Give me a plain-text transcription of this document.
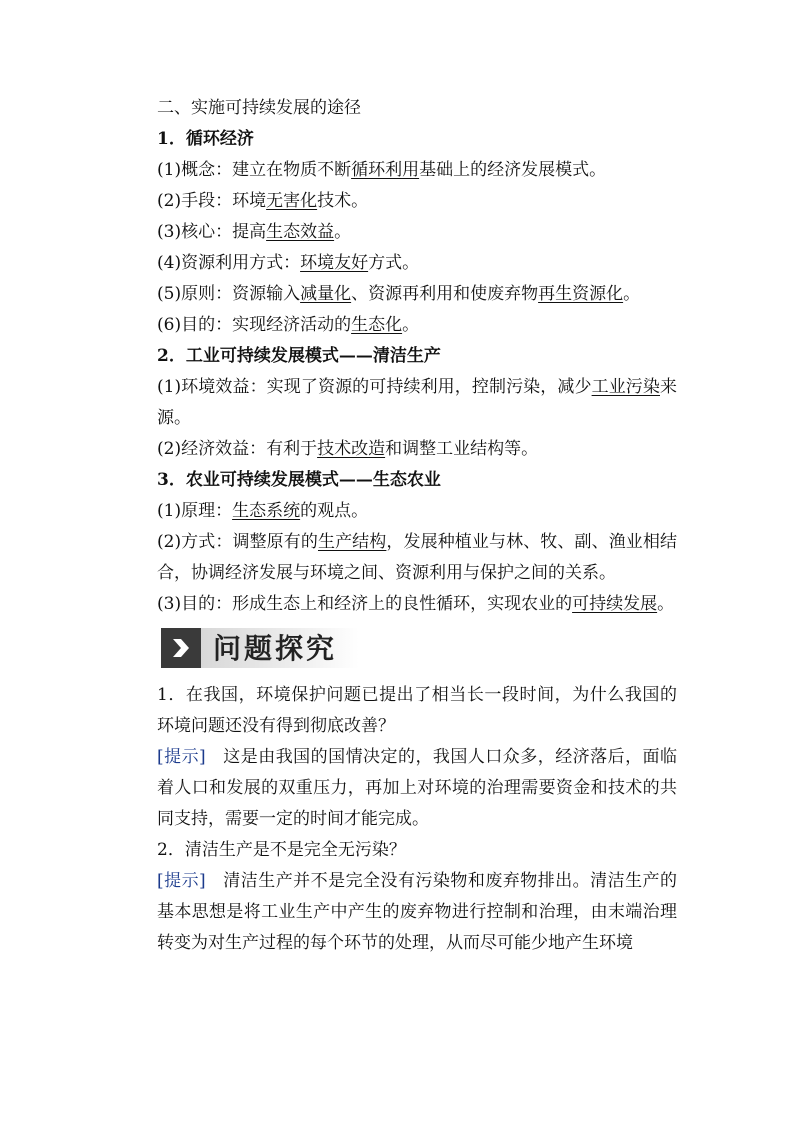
二、实施可持续发展的途径

1．循环经济

(1)概念：建立在物质不断循环利用基础上的经济发展模式。

(2)手段：环境无害化技术。

(3)核心：提高生态效益。

(4)资源利用方式：环境友好方式。

(5)原则：资源输入减量化、资源再利用和使废弃物再生资源化。

(6)目的：实现经济活动的生态化。

2．工业可持续发展模式——清洁生产

(1)环境效益：实现了资源的可持续利用，控制污染，减少工业污染来源。

(2)经济效益：有利于技术改造和调整工业结构等。

3．农业可持续发展模式——生态农业

(1)原理：生态系统的观点。

(2)方式：调整原有的生产结构，发展种植业与林、牧、副、渔业相结合，协调经济发展与环境之间、资源利用与保护之间的关系。

(3)目的：形成生态上和经济上的良性循环，实现农业的可持续发展。

问题探究

1．在我国，环境保护问题已提出了相当长一段时间，为什么我国的环境问题还没有得到彻底改善？

[提示] 这是由我国的国情决定的，我国人口众多，经济落后，面临着人口和发展的双重压力，再加上对环境的治理需要资金和技术的共同支持，需要一定的时间才能完成。

2．清洁生产是不是完全无污染？

[提示] 清洁生产并不是完全没有污染物和废弃物排出。清洁生产的基本思想是将工业生产中产生的废弃物进行控制和治理，由末端治理转变为对生产过程的每个环节的处理，从而尽可能少地产生环境
